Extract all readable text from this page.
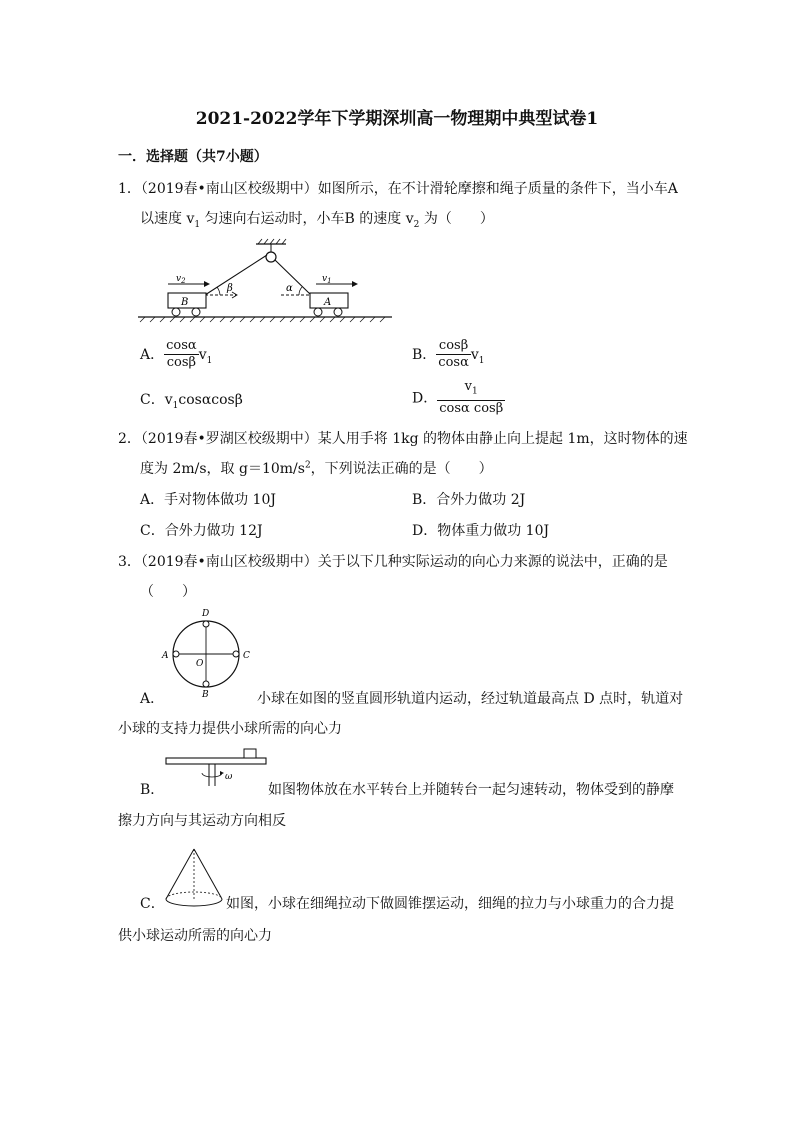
2021-2022学年下学期深圳高一物理期中典型试卷1
一．选择题（共7小题）
1．（2019春•南山区校级期中）如图所示，在不计滑轮摩擦和绳子质量的条件下，当小车A
以速度 $v_1$ 匀速向右运动时，小车B 的速度 $v_2$ 为（　　）
β	α
B	A
$v_2$	$v_1$
A． $\frac{\cos\alpha}{\cos\beta} v_1$	B． $\frac{\cos\beta}{\cos\alpha} v_1$
C．$v_1\cos\alpha\cos\beta$	D． $\frac{v_1}{\text{cosα cosβ}}$
2．（2019春•罗湖区校级期中）某人用手将 1kg 的物体由静止向上提起 1m，这时物体的速
度为 2m/s，取 $g=10m/s^2$，下列说法正确的是（　　）
A．手对物体做功 10J	B．合外力做功 2J
C．合外力做功 12J	D．物体重力做功 10J
3．（2019春•南山区校级期中）关于以下几种实际运动的向心力来源的说法中，正确的是
（　　）
D
A
O
C
B
A．	小球在如图的竖直圆形轨道内运动，经过轨道最高点 D 点时，轨道对
小球的支持力提供小球所需的向心力
ω
B．	如图物体放在水平转台上并随转台一起匀速转动，物体受到的静摩
擦力方向与其运动方向相反
C．	如图，小球在细绳拉动下做圆锥摆运动，细绳的拉力与小球重力的合力提
供小球运动所需的向心力
